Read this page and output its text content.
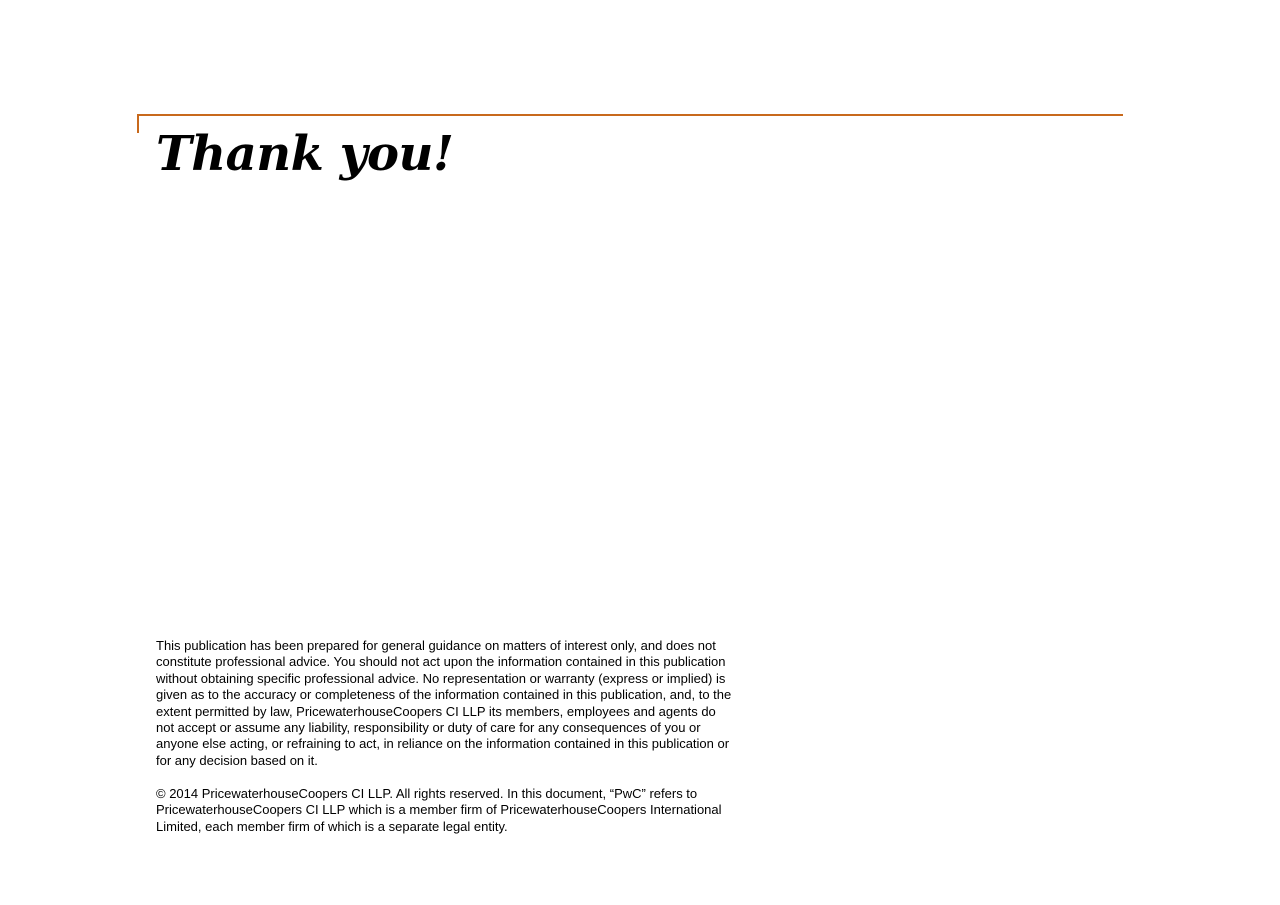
Thank you!

This publication has been prepared for general guidance on matters of interest only, and does not constitute professional advice. You should not act upon the information contained in this publication without obtaining specific professional advice. No representation or warranty (express or implied) is given as to the accuracy or completeness of the information contained in this publication, and, to the extent permitted by law, PricewaterhouseCoopers CI LLP its members, employees and agents do not accept or assume any liability, responsibility or duty of care for any consequences of you or anyone else acting, or refraining to act, in reliance on the information contained in this publication or for any decision based on it.

© 2014 PricewaterhouseCoopers CI LLP. All rights reserved. In this document, “PwC” refers to PricewaterhouseCoopers CI LLP which is a member firm of PricewaterhouseCoopers International Limited, each member firm of which is a separate legal entity.
